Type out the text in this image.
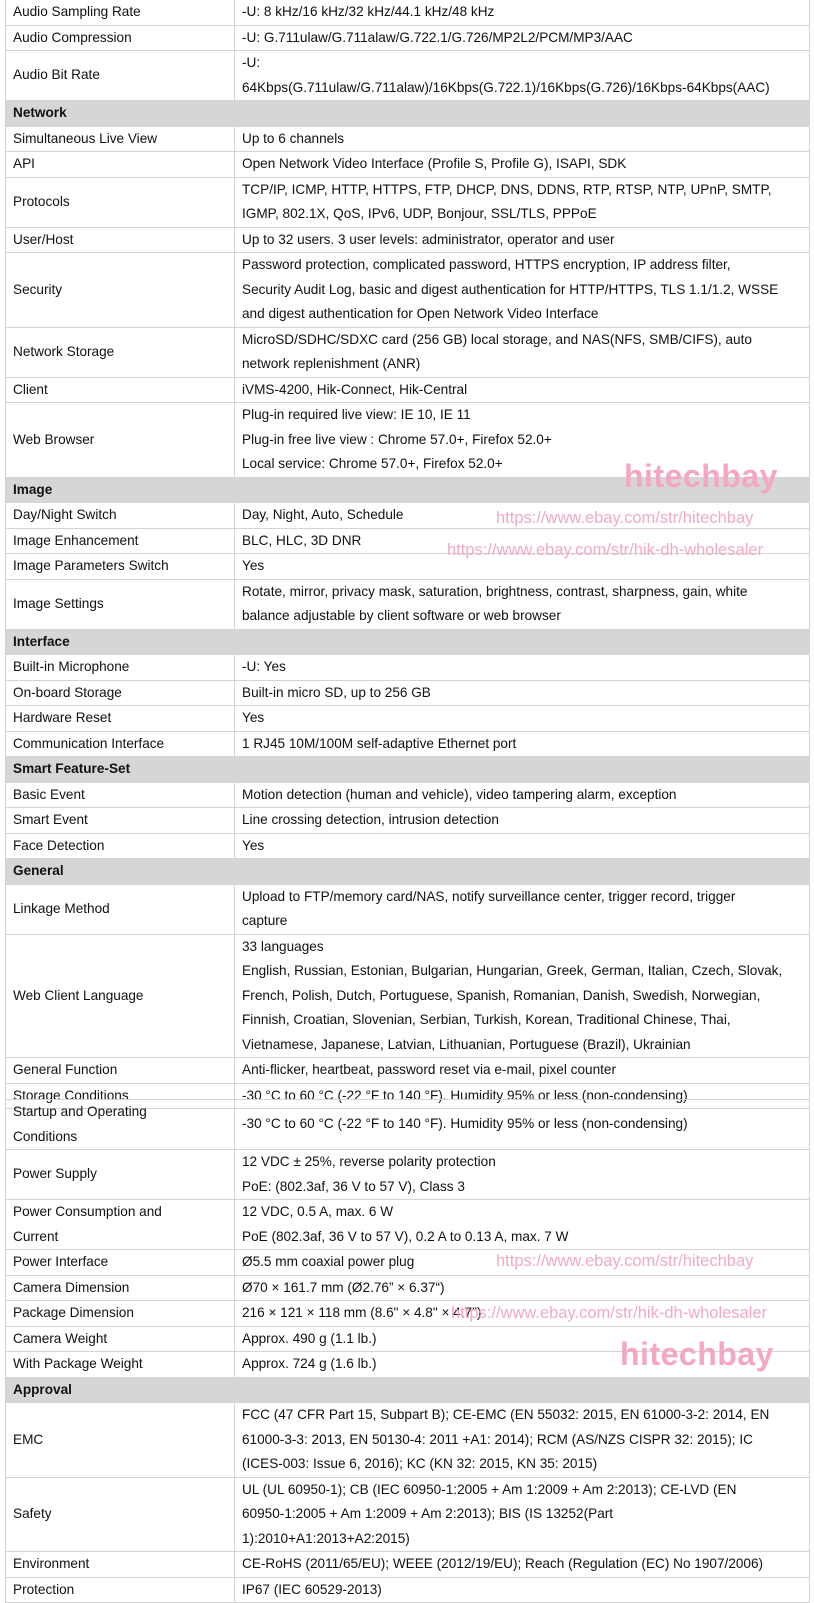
Audio Sampling Rate	-U: 8 kHz/16 kHz/32 kHz/44.1 kHz/48 kHz

Audio Compression	-U: G.711ulaw/G.711alaw/G.722.1/G.726/MP2L2/PCM/MP3/AAC

Audio Bit Rate	-U:
64Kbps(G.711ulaw/G.711alaw)/16Kbps(G.722.1)/16Kbps(G.726)/16Kbps-64Kbps(AAC)

Network	
Simultaneous Live View	Up to 6 channels

API	Open Network Video Interface (Profile S, Profile G), ISAPI, SDK

Protocols	TCP/IP, ICMP, HTTP, HTTPS, FTP, DHCP, DNS, DDNS, RTP, RTSP, NTP, UPnP, SMTP,
IGMP, 802.1X, QoS, IPv6, UDP, Bonjour, SSL/TLS, PPPoE

User/Host	Up to 32 users. 3 user levels: administrator, operator and user

Security	Password protection, complicated password, HTTPS encryption, IP address filter,
Security Audit Log, basic and digest authentication for HTTP/HTTPS, TLS 1.1/1.2, WSSE
and digest authentication for Open Network Video Interface

Network Storage	MicroSD/SDHC/SDXC card (256 GB) local storage, and NAS(NFS, SMB/CIFS), auto
network replenishment (ANR)

Client	iVMS-4200, Hik-Connect, Hik-Central

Web Browser	Plug-in required live view: IE 10, IE 11
Plug-in free live view : Chrome 57.0+, Firefox 52.0+
Local service: Chrome 57.0+, Firefox 52.0+

Image	
Day/Night Switch	Day, Night, Auto, Schedule

Image Enhancement	BLC, HLC, 3D DNR

Image Parameters Switch	Yes

Image Settings	Rotate, mirror, privacy mask, saturation, brightness, contrast, sharpness, gain, white
balance adjustable by client software or web browser

Interface	
Built-in Microphone	-U: Yes

On-board Storage	Built-in micro SD, up to 256 GB

Hardware Reset	Yes

Communication Interface	1 RJ45 10M/100M self-adaptive Ethernet port

Smart Feature-Set	
Basic Event	Motion detection (human and vehicle), video tampering alarm, exception

Smart Event	Line crossing detection, intrusion detection

Face Detection	Yes

General	
Linkage Method	Upload to FTP/memory card/NAS, notify surveillance center, trigger record, trigger
capture

Web Client Language	33 languages
English, Russian, Estonian, Bulgarian, Hungarian, Greek, German, Italian, Czech, Slovak,
French, Polish, Dutch, Portuguese, Spanish, Romanian, Danish, Swedish, Norwegian,
Finnish, Croatian, Slovenian, Serbian, Turkish, Korean, Traditional Chinese, Thai,
Vietnamese, Japanese, Latvian, Lithuanian, Portuguese (Brazil), Ukrainian

General Function	Anti-flicker, heartbeat, password reset via e-mail, pixel counter

Storage Conditions	-30 °C to 60 °C (-22 °F to 140 °F). Humidity 95% or less (non-condensing)
Startup and Operating
Conditions	-30 °C to 60 °C (-22 °F to 140 °F). Humidity 95% or less (non-condensing)

Power Supply	12 VDC ± 25%, reverse polarity protection
PoE: (802.3af, 36 V to 57 V), Class 3

Power Consumption and
Current	12 VDC, 0.5 A, max. 6 W
PoE (802.3af, 36 V to 57 V), 0.2 A to 0.13 A, max. 7 W

Power Interface	Ø5.5 mm coaxial power plug

Camera Dimension	Ø70 × 161.7 mm (Ø2.76” × 6.37“)

Package Dimension	216 × 121 × 118 mm (8.6" × 4.8" × 4.7")

Camera Weight	Approx. 490 g (1.1 lb.)

With Package Weight	Approx. 724 g (1.6 lb.)

Approval	
EMC	FCC (47 CFR Part 15, Subpart B); CE-EMC (EN 55032: 2015, EN 61000-3-2: 2014, EN
61000-3-3: 2013, EN 50130-4: 2011 +A1: 2014); RCM (AS/NZS CISPR 32: 2015); IC
(ICES-003: Issue 6, 2016); KC (KN 32: 2015, KN 35: 2015)

Safety	UL (UL 60950-1); CB (IEC 60950-1:2005 + Am 1:2009 + Am 2:2013); CE-LVD (EN
60950-1:2005 + Am 1:2009 + Am 2:2013); BIS (IS 13252(Part
1):2010+A1:2013+A2:2015)

Environment	CE-RoHS (2011/65/EU); WEEE (2012/19/EU); Reach (Regulation (EC) No 1907/2006)

Protection	IP67 (IEC 60529-2013)
hitechbay
https://www.ebay.com/str/hitechbay
https://www.ebay.com/str/hik-dh-wholesaler
https://www.ebay.com/str/hitechbay
https://www.ebay.com/str/hik-dh-wholesaler
hitechbay
